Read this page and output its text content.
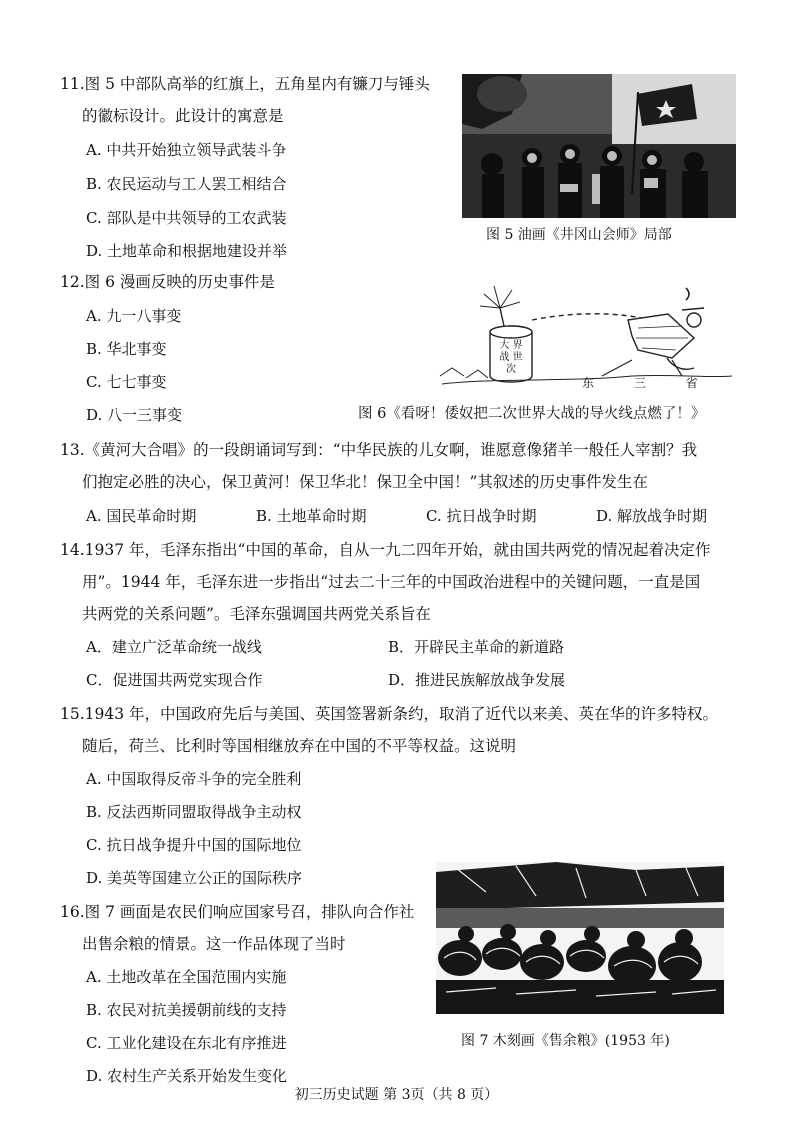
11.图 5 中部队高举的红旗上，五角星内有镰刀与锤头
的徽标设计。此设计的寓意是
A. 中共开始独立领导武装斗争
B. 农民运动与工人罢工相结合
C. 部队是中共领导的工农武装
D. 土地革命和根据地建设并举
图 5 油画《井冈山会师》局部
12.图 6 漫画反映的历史事件是
A. 九一八事变
B. 华北事变
C. 七七事变
D. 八一三事变
大 界 战 世 次
东 三 省
图 6《看呀！倭奴把二次世界大战的导火线点燃了！》
13.《黄河大合唱》的一段朗诵词写到：“中华民族的儿女啊，谁愿意像猪羊一般任人宰割？我
们抱定必胜的决心，保卫黄河！保卫华北！保卫全中国！”其叙述的历史事件发生在
A. 国民革命时期	B. 土地革命时期	C. 抗日战争时期	D. 解放战争时期
14.1937 年，毛泽东指出“中国的革命，自从一九二四年开始，就由国共两党的情况起着决定作
用”。1944 年，毛泽东进一步指出“过去二十三年的中国政治进程中的关键问题，一直是国
共两党的关系问题”。毛泽东强调国共两党关系旨在
A．建立广泛革命统一战线	B．开辟民主革命的新道路
C．促进国共两党实现合作	D．推进民族解放战争发展
15.1943 年，中国政府先后与美国、英国签署新条约，取消了近代以来美、英在华的许多特权。
随后，荷兰、比利时等国相继放弃在中国的不平等权益。这说明
A. 中国取得反帝斗争的完全胜利
B. 反法西斯同盟取得战争主动权
C. 抗日战争提升中国的国际地位
D. 美英等国建立公正的国际秩序
16.图 7 画面是农民们响应国家号召，排队向合作社
出售余粮的情景。这一作品体现了当时
A. 土地改革在全国范围内实施
B. 农民对抗美援朝前线的支持
C. 工业化建设在东北有序推进
D. 农村生产关系开始发生变化
图 7 木刻画《售余粮》(1953 年)
初三历史试题 第 3页（共 8 页）
